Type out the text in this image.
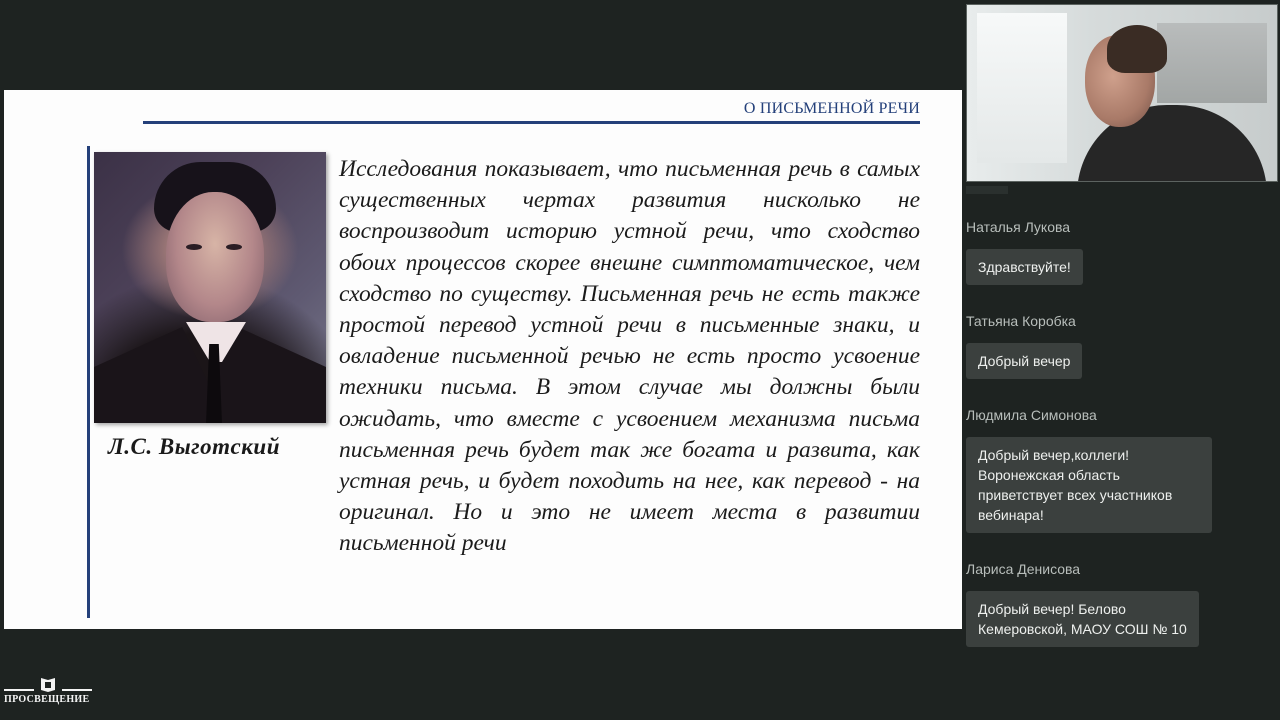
О ПИСЬМЕННОЙ РЕЧИ
Л.С. Выготский
Исследования показывает, что письменная речь в самых существенных чертах развития нисколько не воспроизводит историю устной речи, что сходство обоих процессов скорее внешне симптоматическое, чем сходство по существу. Письменная речь не есть также простой перевод устной речи в письменные знаки, и овладение письменной речью не есть просто усвоение техники письма. В этом случае мы должны были ожидать, что вместе с усвоением механизма письма письменная речь будет так же богата и развита, как устная речь, и будет походить на нее, как перевод - на оригинал. Но и это не имеет места в развитии письменной речи
ПРОСВЕЩЕНИЕ
Наталья Лукова
Здравствуйте!
Татьяна Коробка
Добрый вечер
Людмила Симонова
Добрый вечер,коллеги!
Воронежская область
приветствует всех участников
вебинара!
Лариса Денисова
Добрый вечер! Белово
Кемеровской, МАОУ СОШ № 10
